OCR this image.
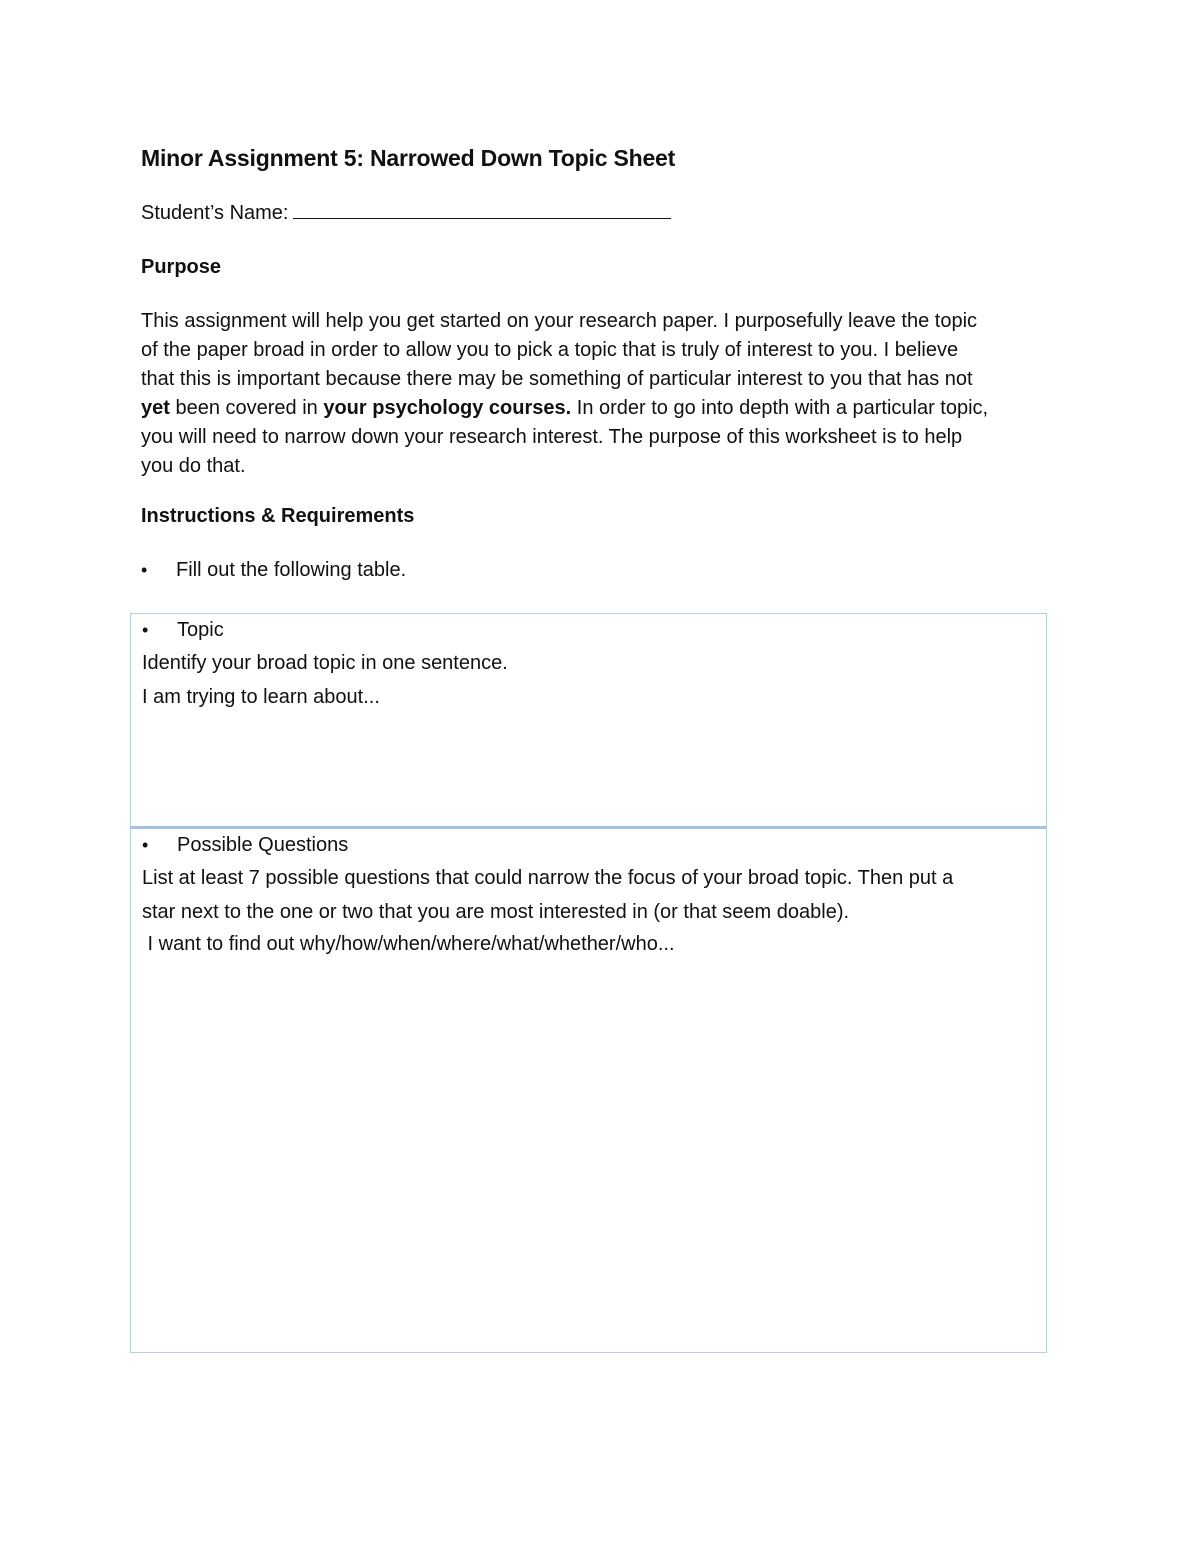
Minor Assignment 5: Narrowed Down Topic Sheet
Student’s Name:
Purpose
This assignment will help you get started on your research paper. I purposefully leave the topic
of the paper broad in order to allow you to pick a topic that is truly of interest to you. I believe
that this is important because there may be something of particular interest to you that has not
yet been covered in your psychology courses. In order to go into depth with a particular topic,
you will need to narrow down your research interest. The purpose of this worksheet is to help
you do that.
Instructions & Requirements
• Fill out the following table.
• Topic
Identify your broad topic in one sentence.
I am trying to learn about...
• Possible Questions
List at least 7 possible questions that could narrow the focus of your broad topic. Then put a
star next to the one or two that you are most interested in (or that seem doable).
I want to find out why/how/when/where/what/whether/who...
